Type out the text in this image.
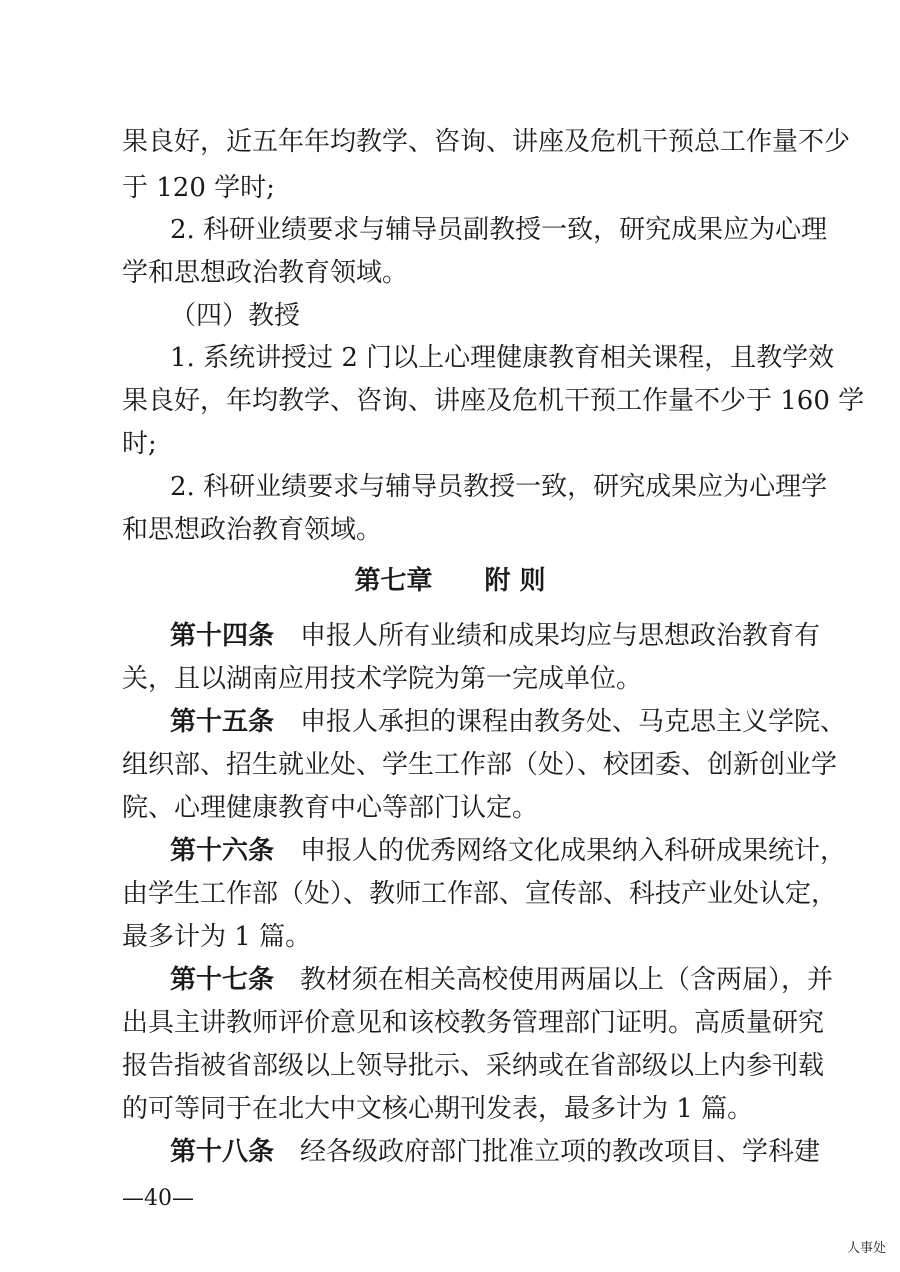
果良好，近五年年均教学、咨询、讲座及危机干预总工作量不少
于 120 学时;
2. 科研业绩要求与辅导员副教授一致，研究成果应为心理
学和思想政治教育领域。
（四）教授
1. 系统讲授过 2 门以上心理健康教育相关课程，且教学效
果良好，年均教学、咨询、讲座及危机干预工作量不少于 160 学
时;
2. 科研业绩要求与辅导员教授一致，研究成果应为心理学
和思想政治教育领域。
第七章 附 则
第十四条 申报人所有业绩和成果均应与思想政治教育有
关，且以湖南应用技术学院为第一完成单位。
第十五条 申报人承担的课程由教务处、马克思主义学院、
组织部、招生就业处、学生工作部（处）、校团委、创新创业学
院、心理健康教育中心等部门认定。
第十六条 申报人的优秀网络文化成果纳入科研成果统计，
由学生工作部（处）、教师工作部、宣传部、科技产业处认定，
最多计为 1 篇。
第十七条 教材须在相关高校使用两届以上（含两届），并
出具主讲教师评价意见和该校教务管理部门证明。高质量研究
报告指被省部级以上领导批示、采纳或在省部级以上内参刊载
的可等同于在北大中文核心期刊发表，最多计为 1 篇。
第十八条 经各级政府部门批准立项的教改项目、学科建
—40—
人事处
